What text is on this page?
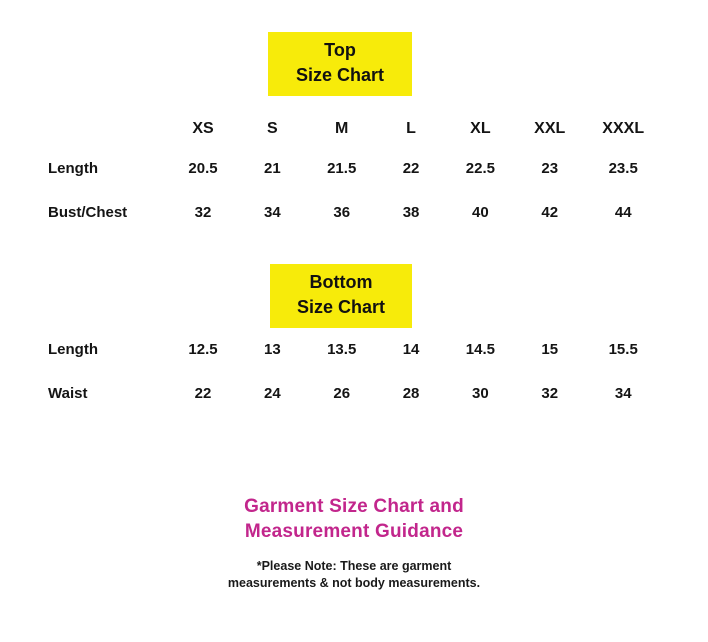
Top
Size Chart
	XS	S	M	L	XL	XXL	XXXL
Length	20.5	21	21.5	22	22.5	23	23.5
Bust/Chest	32	34	36	38	40	42	44
Bottom
Size Chart
Length	12.5	13	13.5	14	14.5	15	15.5
Waist	22	24	26	28	30	32	34
Garment Size Chart and
Measurement Guidance
*Please Note: These are garment
measurements & not body measurements.
